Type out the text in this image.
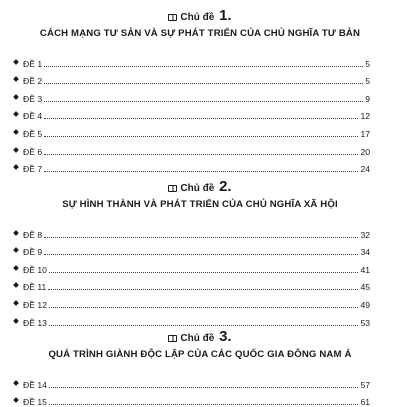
Chủ đề 1.
CÁCH MẠNG TƯ SẢN VÀ SỰ PHÁT TRIỂN CỦA CHỦ NGHĨA TƯ BẢN
ĐỀ 1	5
ĐỀ 2	5
ĐỀ 3	9
ĐỀ 4	12
ĐỀ 5	17
ĐỀ 6	20
ĐỀ 7	24
Chủ đề 2.
SỰ HÌNH THÀNH VÀ PHÁT TRIỂN CỦA CHỦ NGHĨA XÃ HỘI
ĐỀ 8	32
ĐỀ 9	34
ĐỀ 10	41
ĐỀ 11	45
ĐỀ 12	49
ĐỀ 13	53
Chủ đề 3.
QUÁ TRÌNH GIÀNH ĐỘC LẬP CỦA CÁC QUỐC GIA ĐÔNG NAM Á
ĐỀ 14	57
ĐỀ 15	61
